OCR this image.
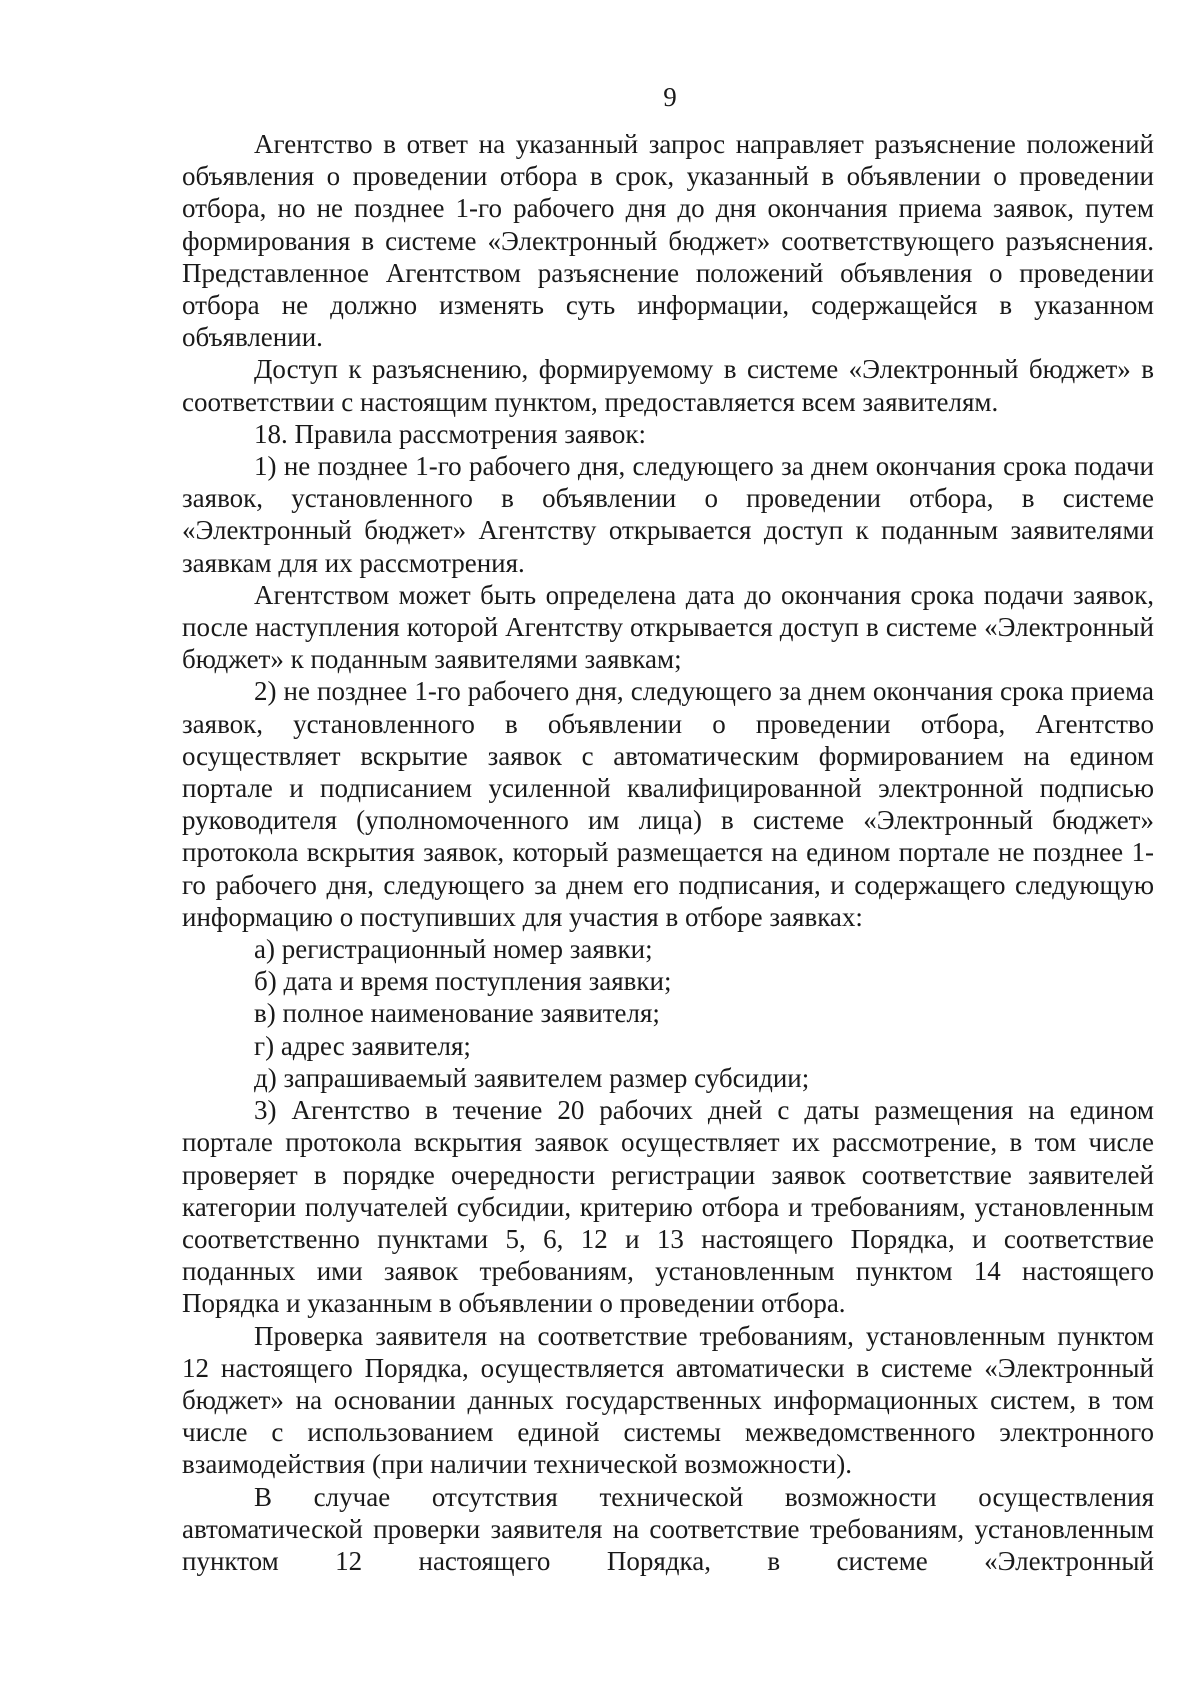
9

Агентство в ответ на указанный запрос направляет разъяснение положений объявления о проведении отбора в срок, указанный в объявлении о проведении отбора, но не позднее 1-го рабочего дня до дня окончания приема заявок, путем формирования в системе «Электронный бюджет» соответствующего разъяснения. Представленное Агентством разъяснение положений объявления о проведении отбора не должно изменять суть информации, содержащейся в указанном объявлении.

Доступ к разъяснению, формируемому в системе «Электронный бюджет» в соответствии с настоящим пунктом, предоставляется всем заявителям.

18. Правила рассмотрения заявок:

1) не позднее 1-го рабочего дня, следующего за днем окончания срока подачи заявок, установленного в объявлении о проведении отбора, в системе «Электронный бюджет» Агентству открывается доступ к поданным заявителями заявкам для их рассмотрения.

Агентством может быть определена дата до окончания срока подачи заявок, после наступления которой Агентству открывается доступ в системе «Электронный бюджет» к поданным заявителями заявкам;

2) не позднее 1-го рабочего дня, следующего за днем окончания срока приема заявок, установленного в объявлении о проведении отбора, Агентство осуществляет вскрытие заявок с автоматическим формированием на едином портале и подписанием усиленной квалифицированной электронной подписью руководителя (уполномоченного им лица) в системе «Электронный бюджет» протокола вскрытия заявок, который размещается на едином портале не позднее 1-го рабочего дня, следующего за днем его подписания, и содержащего следующую информацию о поступивших для участия в отборе заявках:

а) регистрационный номер заявки;

б) дата и время поступления заявки;

в) полное наименование заявителя;

г) адрес заявителя;

д) запрашиваемый заявителем размер субсидии;

3) Агентство в течение 20 рабочих дней с даты размещения на едином портале протокола вскрытия заявок осуществляет их рассмотрение, в том числе проверяет в порядке очередности регистрации заявок соответствие заявителей категории получателей субсидии, критерию отбора и требованиям, установленным соответственно пунктами 5, 6, 12 и 13 настоящего Порядка, и соответствие поданных ими заявок требованиям, установленным пунктом 14 настоящего Порядка и указанным в объявлении о проведении отбора.

Проверка заявителя на соответствие требованиям, установленным пунктом 12 настоящего Порядка, осуществляется автоматически в системе «Электронный бюджет» на основании данных государственных информационных систем, в том числе с использованием единой системы межведомственного электронного взаимодействия (при наличии технической возможности).

В случае отсутствия технической возможности осуществления автоматической проверки заявителя на соответствие требованиям, установленным пунктом 12 настоящего Порядка, в системе «Электронный
